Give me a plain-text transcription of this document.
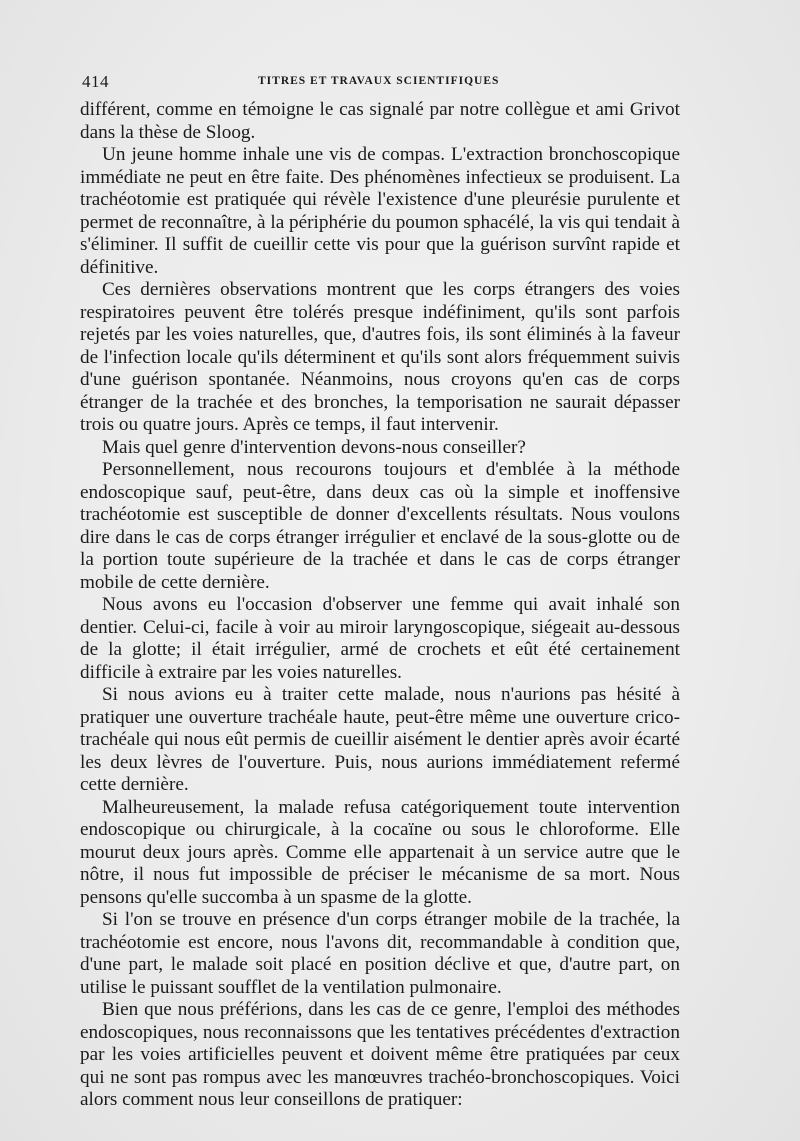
414	TITRES ET TRAVAUX SCIENTIFIQUES

différent, comme en témoigne le cas signalé par notre collègue et ami Grivot dans la thèse de Sloog.

Un jeune homme inhale une vis de compas. L'extraction bronchoscopique immédiate ne peut en être faite. Des phénomènes infectieux se produisent. La trachéotomie est pratiquée qui révèle l'existence d'une pleurésie purulente et permet de reconnaître, à la périphérie du poumon sphacélé, la vis qui tendait à s'éliminer. Il suffit de cueillir cette vis pour que la guérison survînt rapide et définitive.

Ces dernières observations montrent que les corps étrangers des voies respiratoires peuvent être tolérés presque indéfiniment, qu'ils sont parfois rejetés par les voies naturelles, que, d'autres fois, ils sont éliminés à la faveur de l'infection locale qu'ils déterminent et qu'ils sont alors fréquemment suivis d'une guérison spontanée. Néanmoins, nous croyons qu'en cas de corps étranger de la trachée et des bronches, la temporisation ne saurait dépasser trois ou quatre jours. Après ce temps, il faut intervenir.

Mais quel genre d'intervention devons-nous conseiller?

Personnellement, nous recourons toujours et d'emblée à la méthode endoscopique sauf, peut-être, dans deux cas où la simple et inoffensive trachéotomie est susceptible de donner d'excellents résultats. Nous voulons dire dans le cas de corps étranger irrégulier et enclavé de la sous-glotte ou de la portion toute supérieure de la trachée et dans le cas de corps étranger mobile de cette dernière.

Nous avons eu l'occasion d'observer une femme qui avait inhalé son dentier. Celui-ci, facile à voir au miroir laryngoscopique, siégeait au-dessous de la glotte; il était irrégulier, armé de crochets et eût été certainement difficile à extraire par les voies naturelles.

Si nous avions eu à traiter cette malade, nous n'aurions pas hésité à pratiquer une ouverture trachéale haute, peut-être même une ouverture crico-trachéale qui nous eût permis de cueillir aisément le dentier après avoir écarté les deux lèvres de l'ouverture. Puis, nous aurions immédiatement refermé cette dernière.

Malheureusement, la malade refusa catégoriquement toute intervention endoscopique ou chirurgicale, à la cocaïne ou sous le chloroforme. Elle mourut deux jours après. Comme elle appartenait à un service autre que le nôtre, il nous fut impossible de préciser le mécanisme de sa mort. Nous pensons qu'elle succomba à un spasme de la glotte.

Si l'on se trouve en présence d'un corps étranger mobile de la trachée, la trachéotomie est encore, nous l'avons dit, recommandable à condition que, d'une part, le malade soit placé en position déclive et que, d'autre part, on utilise le puissant soufflet de la ventilation pulmonaire.

Bien que nous préférions, dans les cas de ce genre, l'emploi des méthodes endoscopiques, nous reconnaissons que les tentatives précédentes d'extraction par les voies artificielles peuvent et doivent même être pratiquées par ceux qui ne sont pas rompus avec les manœuvres trachéo-bronchoscopiques. Voici alors comment nous leur conseillons de pratiquer:
